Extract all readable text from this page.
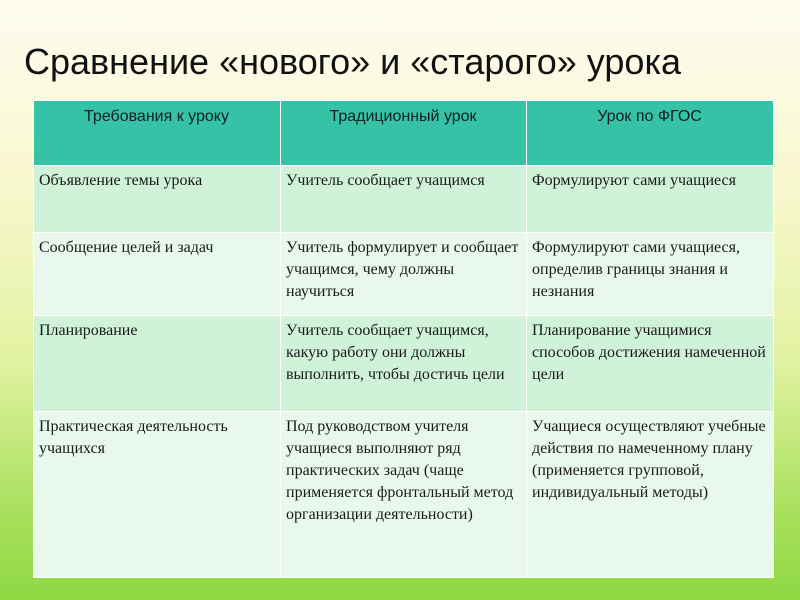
Сравнение «нового» и «старого» урока
Требования к уроку	Традиционный урок	Урок по ФГОС
Объявление темы урока	Учитель сообщает учащимся	Формулируют сами учащиеся
Сообщение целей и задач	Учитель формулирует и сообщает учащимся, чему должны научиться	Формулируют сами учащиеся, определив границы знания и незнания
Планирование	Учитель сообщает учащимся, какую работу они должны выполнить, чтобы достичь цели	Планирование учащимися способов достижения намеченной цели
Практическая деятельность учащихся	Под руководством учителя учащиеся выполняют ряд практических задач (чаще применяется фронтальный метод организации деятельности)	Учащиеся осуществляют учебные действия по намеченному плану (применяется групповой, индивидуальный методы)
